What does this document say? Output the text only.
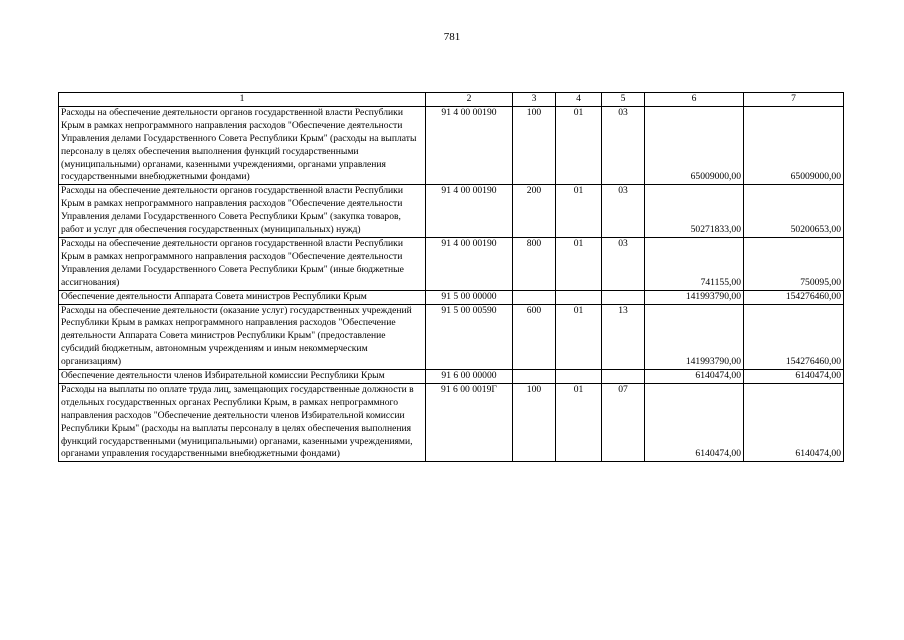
781
1	2	3	4	5	6	7
Расходы на обеспечение деятельности органов государственной власти Республики Крым в рамках непрограммного направления расходов "Обеспечение деятельности Управления делами Государственного Совета Республики Крым" (расходы на выплаты персоналу в целях обеспечения выполнения функций государственными (муниципальными) органами, казенными учреждениями, органами управления государственными внебюджетными фондами)	91 4 00 00190	100	01	03	65009000,00	65009000,00
Расходы на обеспечение деятельности органов государственной власти Республики Крым в рамках непрограммного направления расходов "Обеспечение деятельности Управления делами Государственного Совета Республики Крым" (закупка товаров, работ и услуг для обеспечения государственных (муниципальных) нужд)	91 4 00 00190	200	01	03	50271833,00	50200653,00
Расходы на обеспечение деятельности органов государственной власти Республики Крым в рамках непрограммного направления расходов "Обеспечение деятельности Управления делами Государственного Совета Республики Крым" (иные бюджетные ассигнования)	91 4 00 00190	800	01	03	741155,00	750095,00
Обеспечение деятельности Аппарата Совета министров Республики Крым	91 5 00 00000				141993790,00	154276460,00
Расходы на обеспечение деятельности (оказание услуг) государственных учреждений Республики Крым в рамках непрограммного направления расходов "Обеспечение деятельности Аппарата Совета министров Республики Крым" (предоставление субсидий бюджетным, автономным учреждениям и иным некоммерческим организациям)	91 5 00 00590	600	01	13	141993790,00	154276460,00
Обеспечение деятельности членов Избирательной комиссии Республики Крым	91 6 00 00000				6140474,00	6140474,00
Расходы на выплаты по оплате труда лиц, замещающих государственные должности в отдельных государственных органах Республики Крым, в рамках непрограммного направления расходов "Обеспечение деятельности членов Избирательной комиссии Республики Крым" (расходы на выплаты персоналу в целях обеспечения выполнения функций государственными (муниципальными) органами, казенными учреждениями, органами управления государственными внебюджетными фондами)	91 6 00 0019Г	100	01	07	6140474,00	6140474,00
